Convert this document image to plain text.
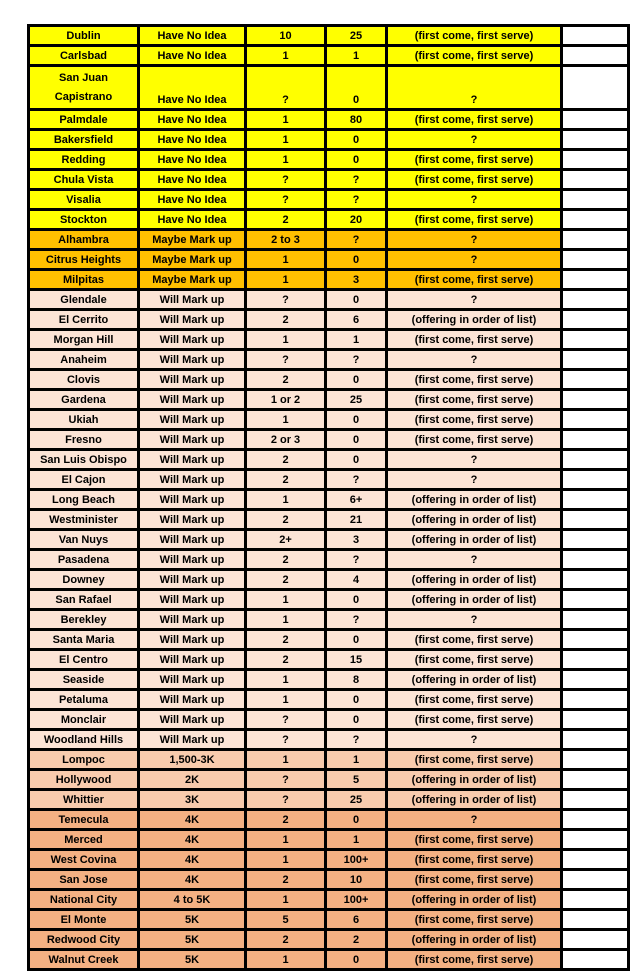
Dublin	Have No Idea	10	25	(first come, first serve)	
Carlsbad	Have No Idea	1	1	(first come, first serve)	
San Juan Capistrano	Have No Idea	?	0	?	
Palmdale	Have No Idea	1	80	(first come, first serve)	
Bakersfield	Have No Idea	1	0	?	
Redding	Have No Idea	1	0	(first come, first serve)	
Chula Vista	Have No Idea	?	?	(first come, first serve)	
Visalia	Have No Idea	?	?	?	
Stockton	Have No Idea	2	20	(first come, first serve)	
Alhambra	Maybe Mark up	2 to 3	?	?	
Citrus Heights	Maybe Mark up	1	0	?	
Milpitas	Maybe Mark up	1	3	(first come, first serve)	
Glendale	Will Mark up	?	0	?	
El Cerrito	Will Mark up	2	6	(offering in order of list)	
Morgan Hill	Will Mark up	1	1	(first come, first serve)	
Anaheim	Will Mark up	?	?	?	
Clovis	Will Mark up	2	0	(first come, first serve)	
Gardena	Will Mark up	1 or 2	25	(first come, first serve)	
Ukiah	Will Mark up	1	0	(first come, first serve)	
Fresno	Will Mark up	2 or 3	0	(first come, first serve)	
San Luis Obispo	Will Mark up	2	0	?	
El Cajon	Will Mark up	2	?	?	
Long Beach	Will Mark up	1	6+	(offering in order of list)	
Westminister	Will Mark up	2	21	(offering in order of list)	
Van Nuys	Will Mark up	2+	3	(offering in order of list)	
Pasadena	Will Mark up	2	?	?	
Downey	Will Mark up	2	4	(offering in order of list)	
San Rafael	Will Mark up	1	0	(offering in order of list)	
Berekley	Will Mark up	1	?	?	
Santa Maria	Will Mark up	2	0	(first come, first serve)	
El Centro	Will Mark up	2	15	(first come, first serve)	
Seaside	Will Mark up	1	8	(offering in order of list)	
Petaluma	Will Mark up	1	0	(first come, first serve)	
Monclair	Will Mark up	?	0	(first come, first serve)	
Woodland Hills	Will Mark up	?	?	?	
Lompoc	1,500-3K	1	1	(first come, first serve)	
Hollywood	2K	?	5	(offering in order of list)	
Whittier	3K	?	25	(offering in order of list)	
Temecula	4K	2	0	?	
Merced	4K	1	1	(first come, first serve)	
West Covina	4K	1	100+	(first come, first serve)	
San Jose	4K	2	10	(first come, first serve)	
National City	4 to 5K	1	100+	(offering in order of list)	
El Monte	5K	5	6	(first come, first serve)	
Redwood City	5K	2	2	(offering in order of list)	
Walnut Creek	5K	1	0	(first come, first serve)	
